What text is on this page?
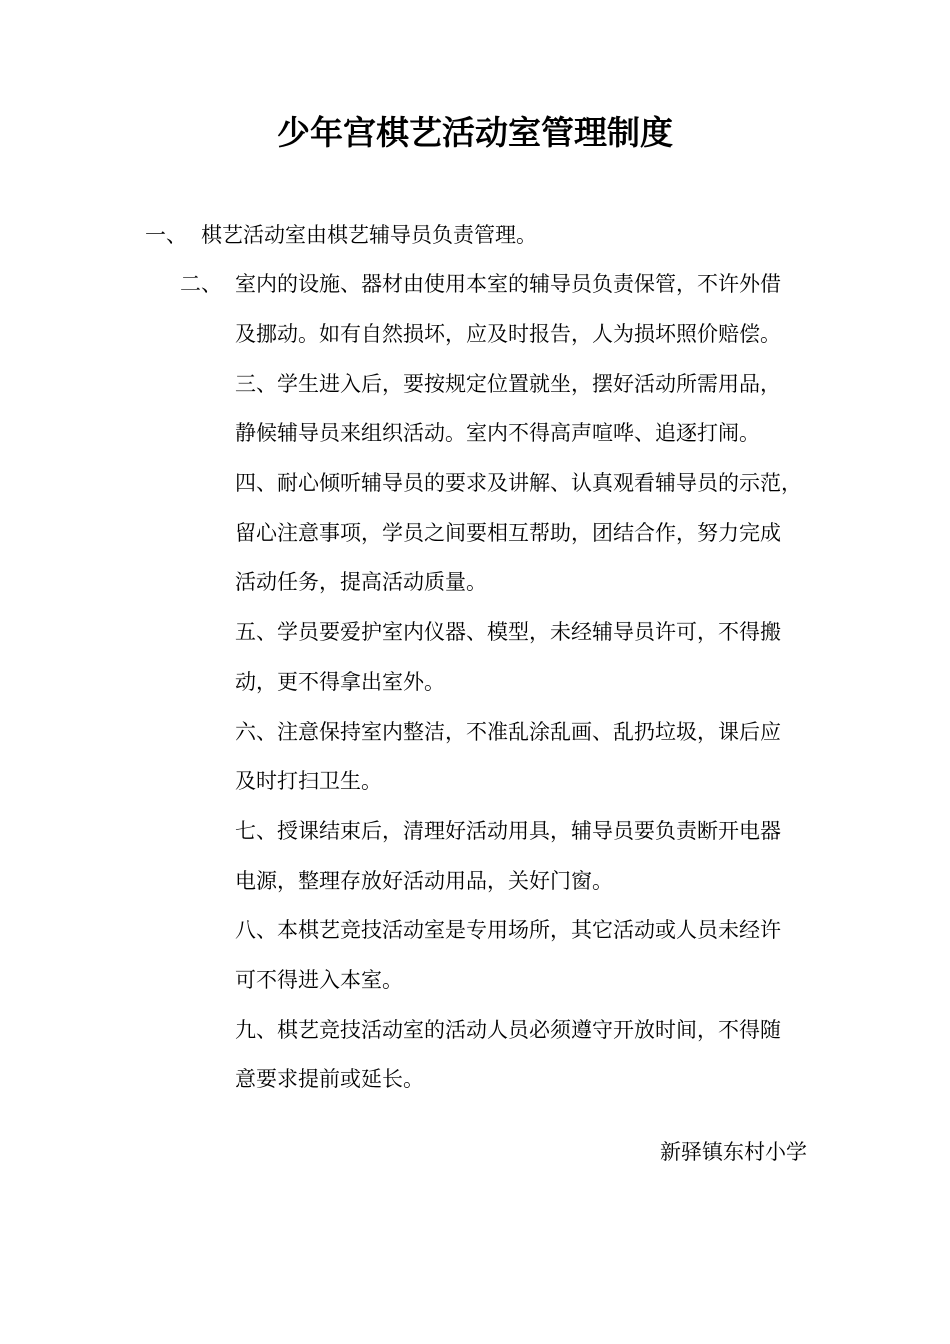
少年宫棋艺活动室管理制度
一、 棋艺活动室由棋艺辅导员负责管理。
二、 室内的设施、器材由使用本室的辅导员负责保管，不许外借
及挪动。如有自然损坏，应及时报告，人为损坏照价赔偿。
三、学生进入后，要按规定位置就坐，摆好活动所需用品，
静候辅导员来组织活动。室内不得高声喧哗、追逐打闹。
四、耐心倾听辅导员的要求及讲解、认真观看辅导员的示范，
留心注意事项，学员之间要相互帮助，团结合作，努力完成
活动任务，提高活动质量。
五、学员要爱护室内仪器、模型，未经辅导员许可，不得搬
动，更不得拿出室外。
六、注意保持室内整洁，不准乱涂乱画、乱扔垃圾，课后应
及时打扫卫生。
七、授课结束后，清理好活动用具，辅导员要负责断开电器
电源，整理存放好活动用品，关好门窗。
八、本棋艺竞技活动室是专用场所，其它活动或人员未经许
可不得进入本室。
九、棋艺竞技活动室的活动人员必须遵守开放时间，不得随
意要求提前或延长。
新驿镇东村小学
